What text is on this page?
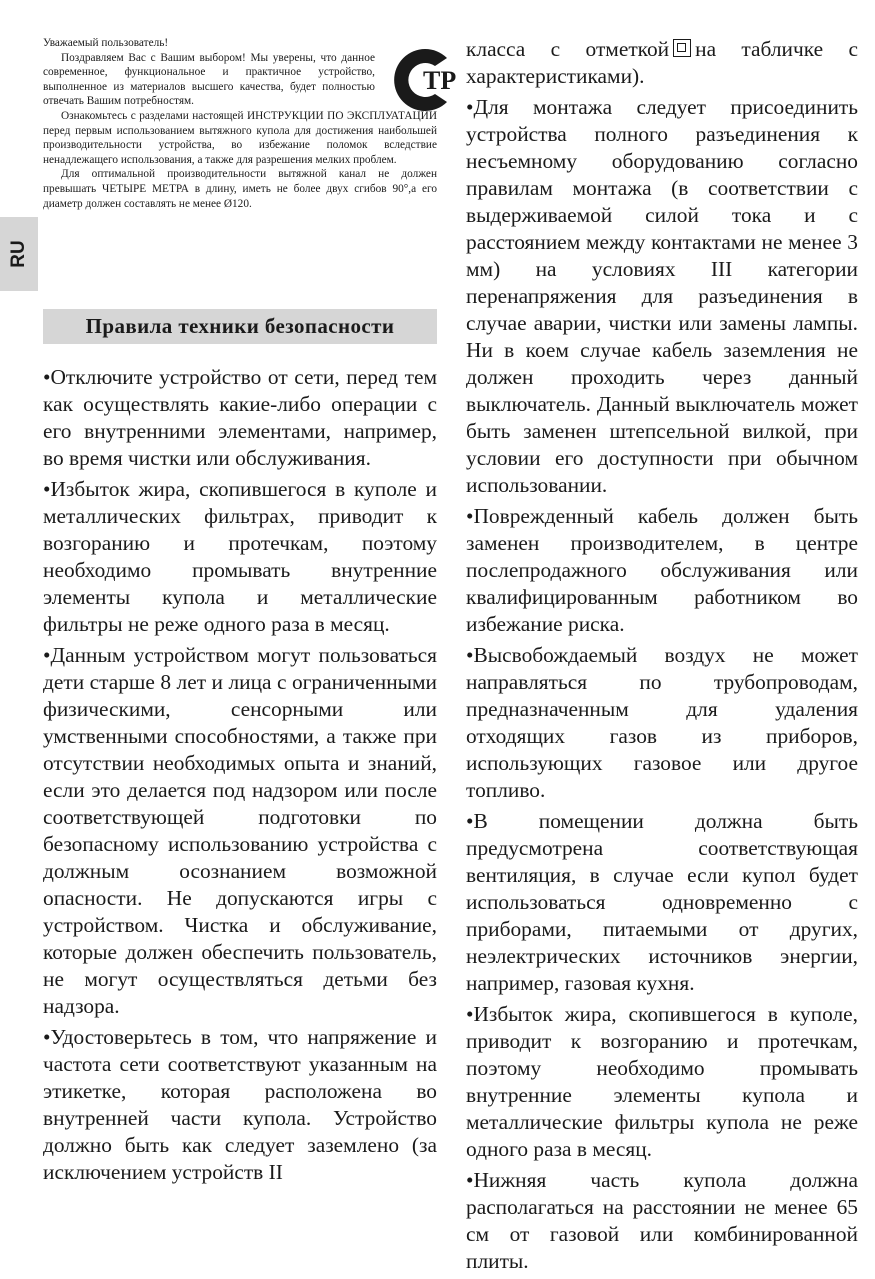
RU

Уважаемый пользователь!

Поздравляем Вас с Вашим выбором! Мы уверены, что данное современное, функциональное и практичное устройство, выполненное из материалов высшего качества, будет полностью отвечать Вашим потребностям.

Ознакомьтесь с разделами настоящей ИНСТРУКЦИИ ПО ЭКСПЛУАТАЦИИ перед первым использованием вытяжного купола для достижения наибольшей производительности устройства, во избежание поломок вследствие ненадлежащего использования, а также для разрешения мелких проблем.

Для оптимальной производительности вытяжной канал не должен превышать ЧЕТЫРЕ МЕТРА в длину, иметь не более двух сгибов 90°,а его диаметр должен составлять не менее Ø120.

•Отключите устройство от сети, перед тем как осуществлять какие-либо операции с его внутренними элементами, например, во время чистки или обслуживания.

•Избыток жира, скопившегося в куполе и металлических фильтрах, приводит к возгоранию и протечкам, поэтому необходимо промывать внутренние элементы купола и металлические фильтры не реже одного раза в месяц.

•Данным устройством могут пользоваться дети старше 8 лет и лица с ограниченными физическими, сенсорными или умственными способностями, а также при отсутствии необходимых опыта и знаний, если это делается под надзором или после соответствующей подготовки по безопасному использованию устройства с должным осознанием возможной опасности. Не допускаются игры с устройством. Чистка и обслуживание, которые должен обеспечить пользователь, не могут осуществляться детьми без надзора.

•Удостоверьтесь в том, что напряжение и частота сети соответствуют указанным на этикетке, которая расположена во внутренней части купола. Устройство должно быть как следует заземлено (за исключением устройств II

ТР
Правила техники безопасности

класса с отметкой на табличке с характеристиками).

•Для монтажа следует присоединить устройства полного разъединения к несъемному оборудованию согласно правилам монтажа (в соответствии с выдерживаемой силой тока и с расстоянием между контактами не менее 3 мм) на условиях III категории перенапряжения для разъединения в случае аварии, чистки или замены лампы. Ни в коем случае кабель заземления не должен проходить через данный выключатель. Данный выключатель может быть заменен штепсельной вилкой, при условии его доступности при обычном использовании.

•Поврежденный кабель должен быть заменен производителем, в центре послепродажного обслуживания или квалифицированным работником во избежание риска.

•Высвобождаемый воздух не может направляться по трубопроводам, предназначенным для удаления отходящих газов из приборов, использующих газовое или другое топливо.

•В помещении должна быть предусмотрена соответствующая вентиляция, в случае если купол будет использоваться одновременно с приборами, питаемыми от других, неэлектрических источников энергии, например, газовая кухня.

•Избыток жира, скопившегося в куполе, приводит к возгоранию и протечкам, поэтому необходимо промывать внутренние элементы купола и металлические фильтры купола не реже одного раза в месяц.

•Нижняя часть купола должна располагаться на расстоянии не менее 65 см от газовой или комбинированной плиты.
